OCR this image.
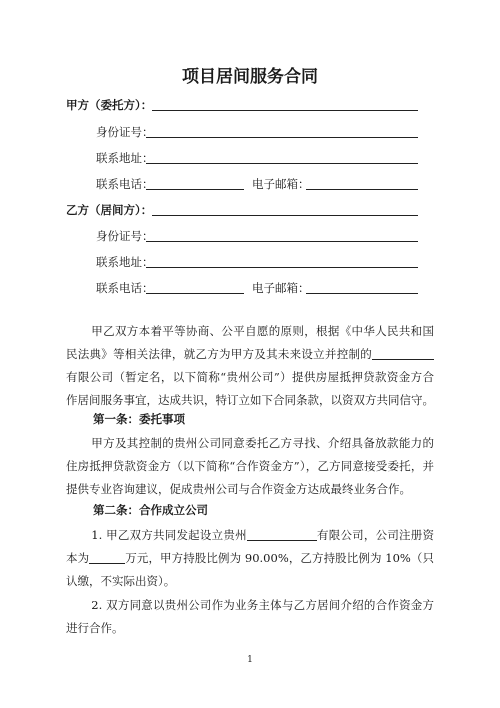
项目居间服务合同
甲方（委托方）：
身份证号：
联系地址：
联系电话：	电子邮箱：
乙方（居间方）：
身份证号：
联系地址：
联系电话：	电子邮箱：

甲乙双方本着平等协商、公平自愿的原则，根据《中华人民共和国民法典》等相关法律，就乙方为甲方及其未来设立并控制的有限公司（暂定名，以下简称“贵州公司”）提供房屋抵押贷款资金方合作居间服务事宜，达成共识，特订立如下合同条款，以资双方共同信守。

第一条：委托事项

甲方及其控制的贵州公司同意委托乙方寻找、介绍具备放款能力的住房抵押贷款资金方（以下简称“合作资金方”），乙方同意接受委托，并提供专业咨询建议，促成贵州公司与合作资金方达成最终业务合作。

第二条：合作成立公司

1. 甲乙双方共同发起设立贵州	有限公司，公司注册资本为	万元，甲方持股比例为 90.00%，乙方持股比例为 10%（只认缴，不实际出资）。

2. 双方同意以贵州公司作为业务主体与乙方居间介绍的合作资金方进行合作。

1
